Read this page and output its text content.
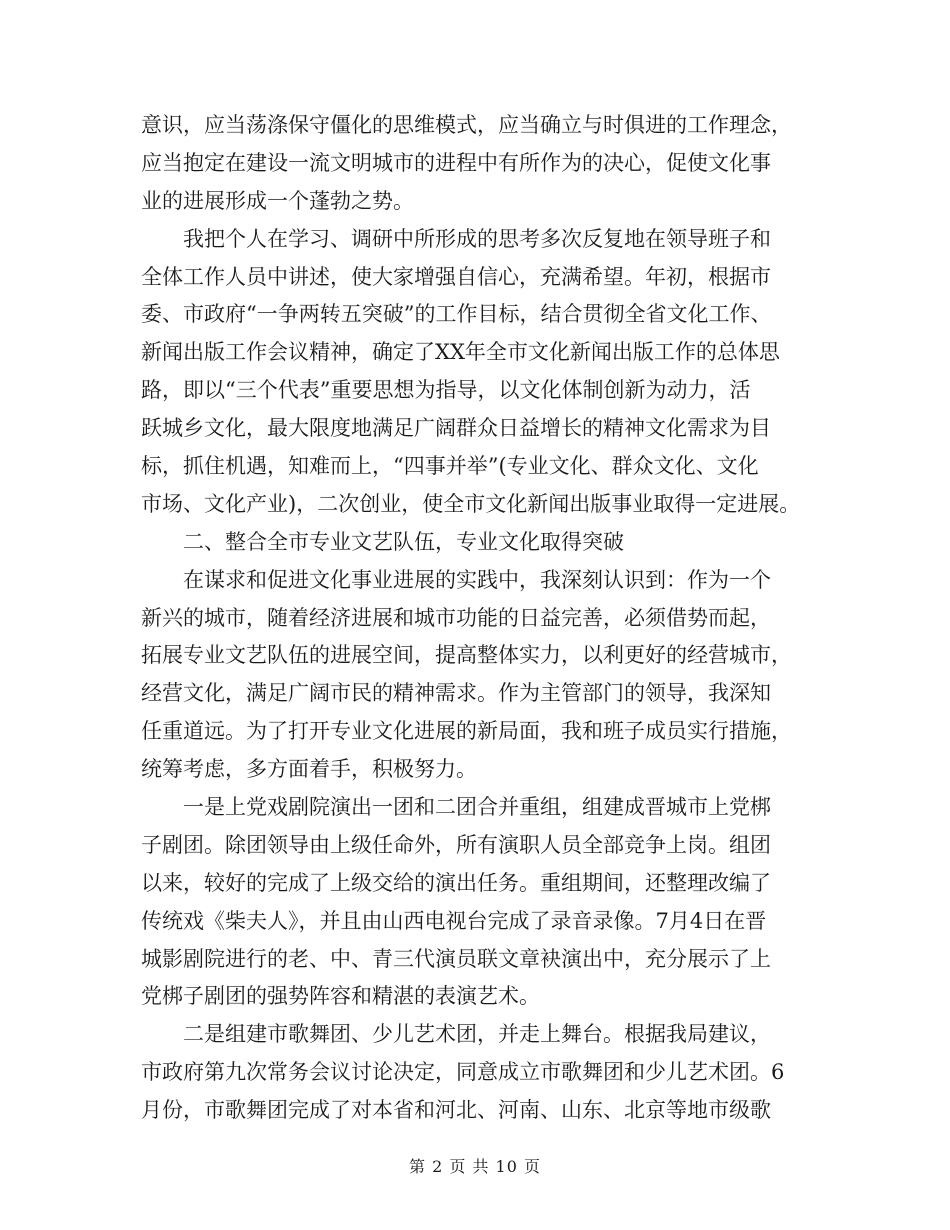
意识，应当荡涤保守僵化的思维模式，应当确立与时俱进的工作理念，
应当抱定在建设一流文明城市的进程中有所作为的决心，促使文化事
业的进展形成一个蓬勃之势。
　　我把个人在学习、调研中所形成的思考多次反复地在领导班子和
全体工作人员中讲述，使大家增强自信心，充满希望。年初，根据市
委、市政府“一争两转五突破”的工作目标，结合贯彻全省文化工作、
新闻出版工作会议精神，确定了XX年全市文化新闻出版工作的总体思
路，即以“三个代表”重要思想为指导，以文化体制创新为动力，活
跃城乡文化，最大限度地满足广阔群众日益增长的精神文化需求为目
标，抓住机遇，知难而上，“四事并举”(专业文化、群众文化、文化
市场、文化产业)，二次创业，使全市文化新闻出版事业取得一定进展。
　　二、整合全市专业文艺队伍，专业文化取得突破
　　在谋求和促进文化事业进展的实践中，我深刻认识到：作为一个
新兴的城市，随着经济进展和城市功能的日益完善，必须借势而起，
拓展专业文艺队伍的进展空间，提高整体实力，以利更好的经营城市，
经营文化，满足广阔市民的精神需求。作为主管部门的领导，我深知
任重道远。为了打开专业文化进展的新局面，我和班子成员实行措施，
统筹考虑，多方面着手，积极努力。
　　一是上党戏剧院演出一团和二团合并重组，组建成晋城市上党梆
子剧团。除团领导由上级任命外，所有演职人员全部竞争上岗。组团
以来，较好的完成了上级交给的演出任务。重组期间，还整理改编了
传统戏《柴夫人》，并且由山西电视台完成了录音录像。7月4日在晋
城影剧院进行的老、中、青三代演员联文章袂演出中，充分展示了上
党梆子剧团的强势阵容和精湛的表演艺术。
　　二是组建市歌舞团、少儿艺术团，并走上舞台。根据我局建议，
市政府第九次常务会议讨论决定，同意成立市歌舞团和少儿艺术团。6
月份，市歌舞团完成了对本省和河北、河南、山东、北京等地市级歌
第 2 页 共 10 页
